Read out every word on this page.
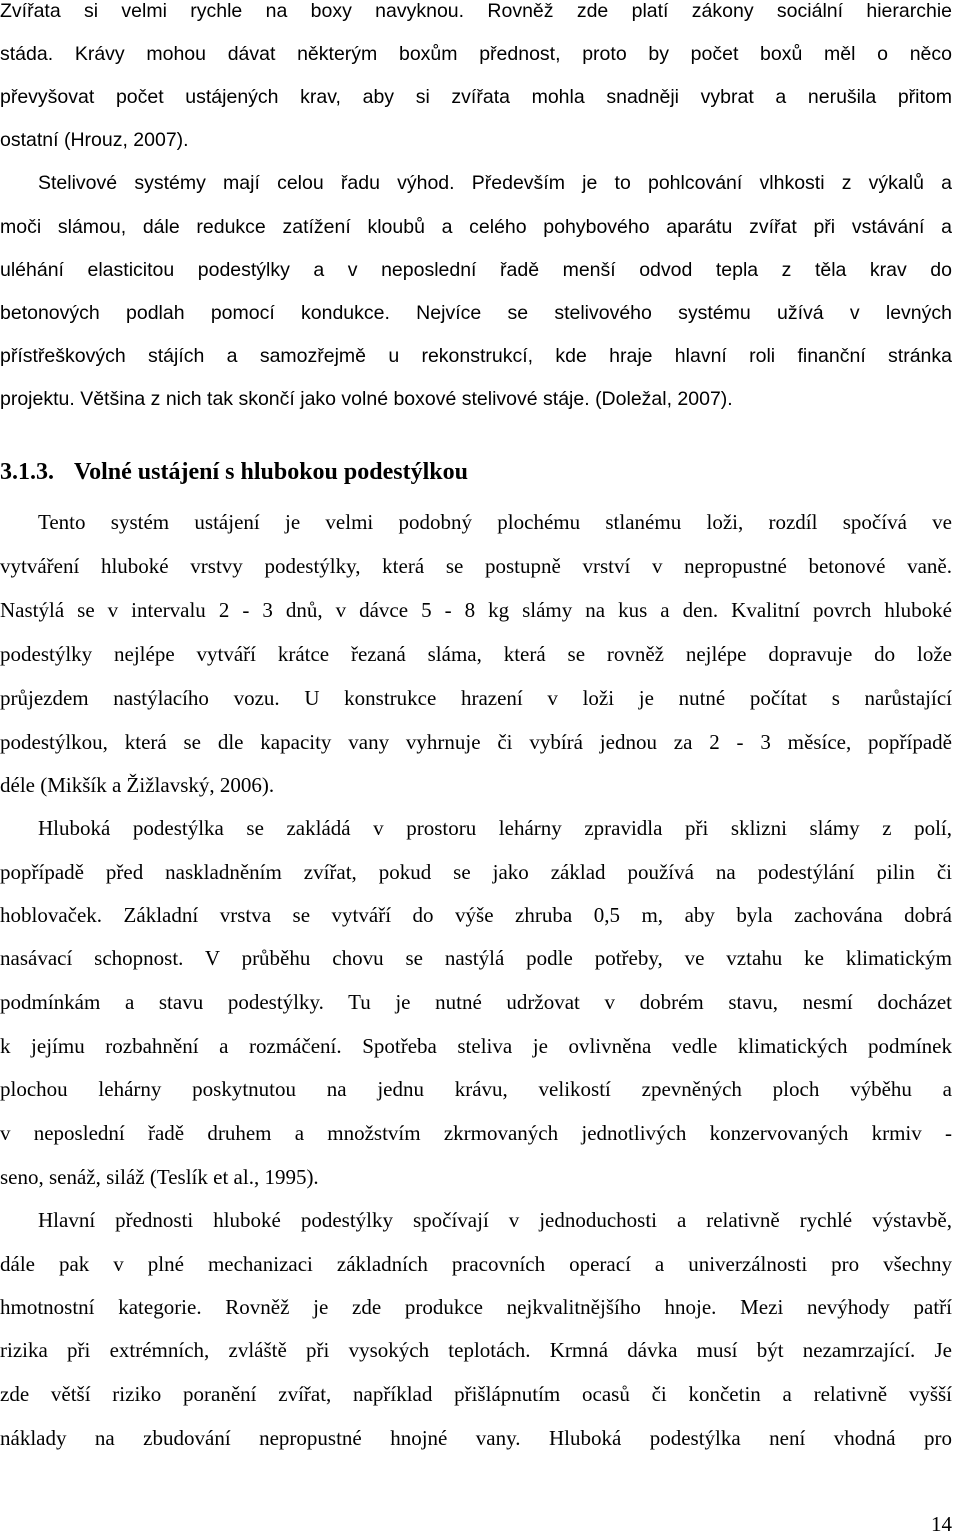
Zvířata si velmi rychle na boxy navyknou. Rovněž zde platí zákony sociální hierarchie
stáda. Krávy mohou dávat některým boxům přednost, proto by počet boxů měl o něco
převyšovat počet ustájených krav, aby si zvířata mohla snadněji vybrat a nerušila přitom
ostatní (Hrouz, 2007).
Stelivové systémy mají celou řadu výhod. Především je to pohlcování vlhkosti z výkalů a
moči slámou, dále redukce zatížení kloubů a celého pohybového aparátu zvířat při vstávání a
uléhání elasticitou podestýlky a v neposlední řadě menší odvod tepla z těla krav do
betonových podlah pomocí kondukce. Nejvíce se stelivového systému užívá v levných
přístřeškových stájích a samozřejmě u rekonstrukcí, kde hraje hlavní roli finanční stránka
projektu. Většina z nich tak skončí jako volné boxové stelivové stáje. (Doležal, 2007).
3.1.3. Volné ustájení s hlubokou podestýlkou
Tento systém ustájení je velmi podobný plochému stlanému loži, rozdíl spočívá ve
vytváření hluboké vrstvy podestýlky, která se postupně vrství v nepropustné betonové vaně.
Nastýlá se v intervalu 2 - 3 dnů, v dávce 5 - 8 kg slámy na kus a den. Kvalitní povrch hluboké
podestýlky nejlépe vytváří krátce řezaná sláma, která se rovněž nejlépe dopravuje do lože
průjezdem nastýlacího vozu. U konstrukce hrazení v loži je nutné počítat s narůstající
podestýlkou, která se dle kapacity vany vyhrnuje či vybírá jednou za 2 - 3 měsíce, popřípadě
déle (Mikšík a Žižlavský, 2006).
Hluboká podestýlka se zakládá v prostoru lehárny zpravidla při sklizni slámy z polí,
popřípadě před naskladněním zvířat, pokud se jako základ používá na podestýlání pilin či
hoblovaček. Základní vrstva se vytváří do výše zhruba 0,5 m, aby byla zachována dobrá
nasávací schopnost. V průběhu chovu se nastýlá podle potřeby, ve vztahu ke klimatickým
podmínkám a stavu podestýlky. Tu je nutné udržovat v dobrém stavu, nesmí docházet
k jejímu rozbahnění a rozmáčení. Spotřeba steliva je ovlivněna vedle klimatických podmínek
plochou lehárny poskytnutou na jednu krávu, velikostí zpevněných ploch výběhu a
v neposlední řadě druhem a množstvím zkrmovaných jednotlivých konzervovaných krmiv -
seno, senáž, siláž (Teslík et al., 1995).
Hlavní přednosti hluboké podestýlky spočívají v jednoduchosti a relativně rychlé výstavbě,
dále pak v plné mechanizaci základních pracovních operací a univerzálnosti pro všechny
hmotnostní kategorie. Rovněž je zde produkce nejkvalitnějšího hnoje. Mezi nevýhody patří
rizika při extrémních, zvláště při vysokých teplotách. Krmná dávka musí být nezamrzající. Je
zde větší riziko poranění zvířat, například přišlápnutím ocasů či končetin a relativně vyšší
náklady na zbudování nepropustné hnojné vany. Hluboká podestýlka není vhodná pro
14
